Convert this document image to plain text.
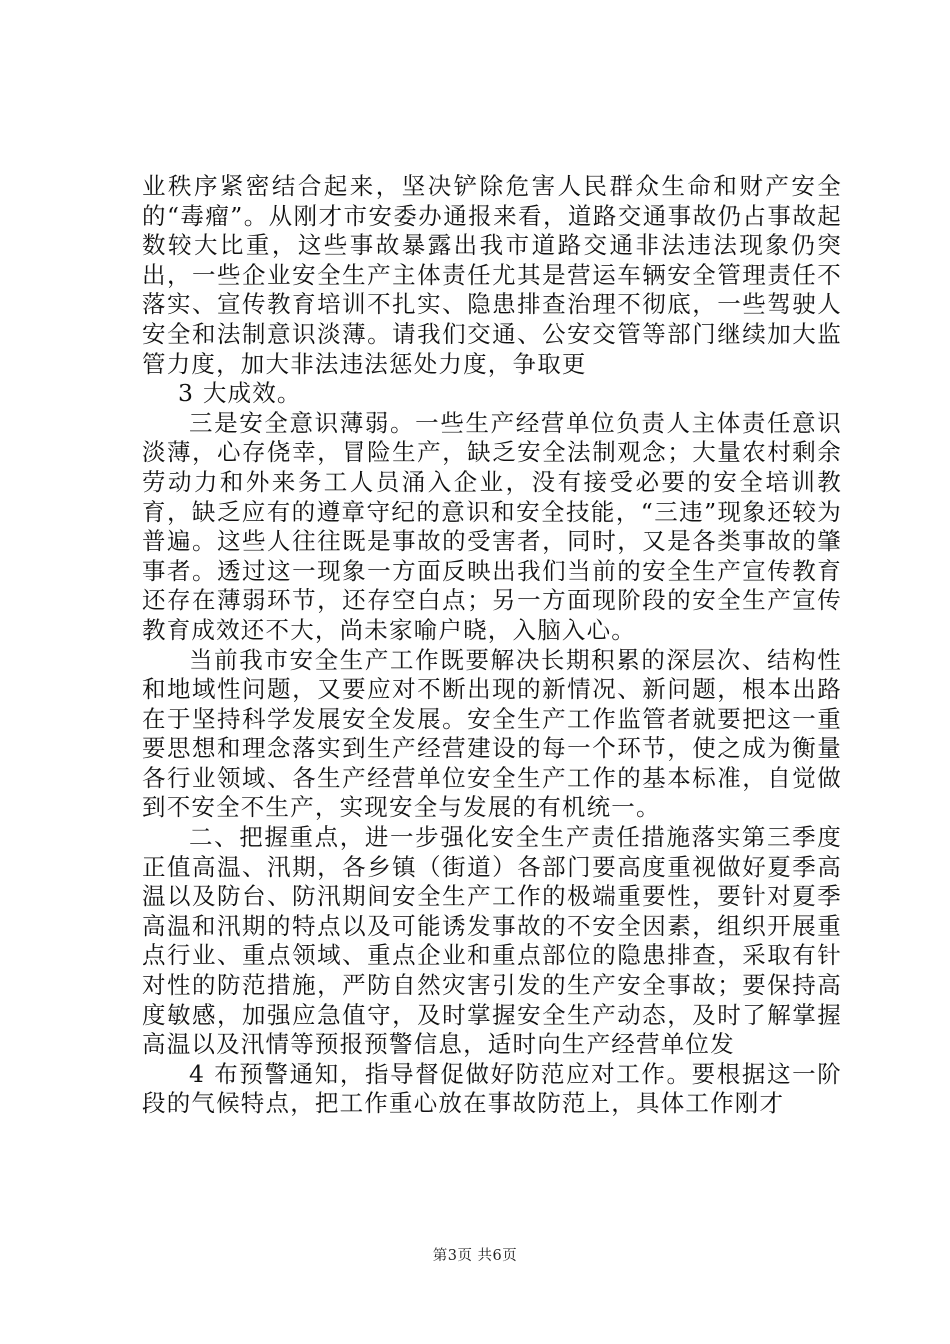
业秩序紧密结合起来，坚决铲除危害人民群众生命和财产安全的“毒瘤”。从刚才市安委办通报来看，道路交通事故仍占事故起数较大比重，这些事故暴露出我市道路交通非法违法现象仍突出，一些企业安全生产主体责任尤其是营运车辆安全管理责任不落实、宣传教育培训不扎实、隐患排查治理不彻底，一些驾驶人安全和法制意识淡薄。请我们交通、公安交管等部门继续加大监管力度，加大非法违法惩处力度，争取更

3 大成效。

三是安全意识薄弱。一些生产经营单位负责人主体责任意识淡薄，心存侥幸，冒险生产，缺乏安全法制观念；大量农村剩余劳动力和外来务工人员涌入企业，没有接受必要的安全培训教育，缺乏应有的遵章守纪的意识和安全技能，“三违”现象还较为普遍。这些人往往既是事故的受害者，同时，又是各类事故的肇事者。透过这一现象一方面反映出我们当前的安全生产宣传教育还存在薄弱环节，还存空白点；另一方面现阶段的安全生产宣传教育成效还不大，尚未家喻户晓，入脑入心。

当前我市安全生产工作既要解决长期积累的深层次、结构性和地域性问题，又要应对不断出现的新情况、新问题，根本出路在于坚持科学发展安全发展。安全生产工作监管者就要把这一重要思想和理念落实到生产经营建设的每一个环节，使之成为衡量各行业领域、各生产经营单位安全生产工作的基本标准，自觉做到不安全不生产，实现安全与发展的有机统一。

二、把握重点，进一步强化安全生产责任措施落实第三季度正值高温、汛期，各乡镇（街道）各部门要高度重视做好夏季高温以及防台、防汛期间安全生产工作的极端重要性，要针对夏季高温和汛期的特点以及可能诱发事故的不安全因素，组织开展重点行业、重点领域、重点企业和重点部位的隐患排查，采取有针对性的防范措施，严防自然灾害引发的生产安全事故；要保持高度敏感，加强应急值守，及时掌握安全生产动态，及时了解掌握高温以及汛情等预报预警信息，适时向生产经营单位发

4 布预警通知，指导督促做好防范应对工作。要根据这一阶段的气候特点，把工作重心放在事故防范上，具体工作刚才

第3页 共6页
